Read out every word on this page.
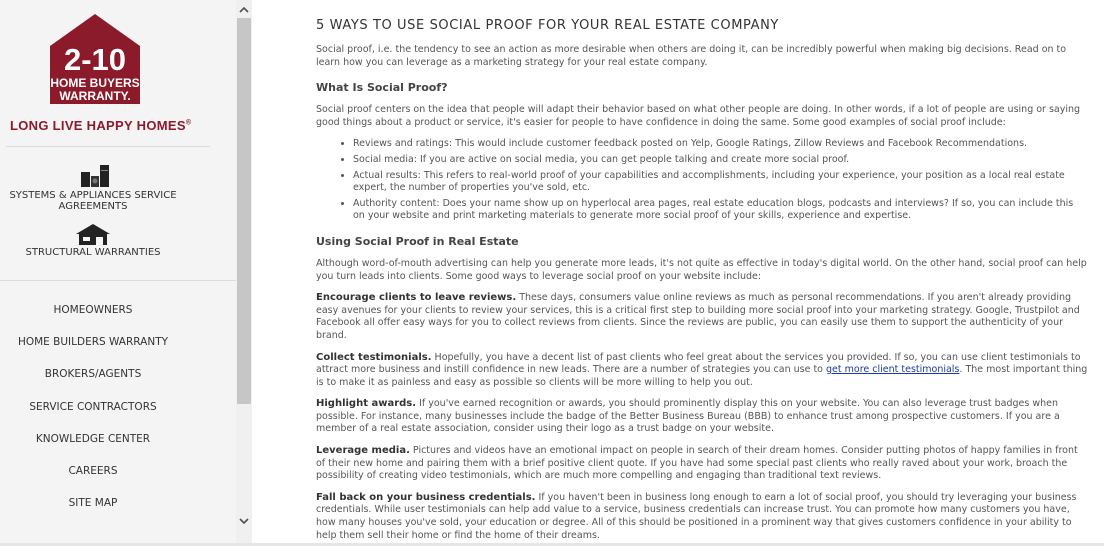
2-10
HOME BUYERS
WARRANTY.
LONG LIVE HAPPY HOMES®
SYSTEMS & APPLIANCES SERVICE AGREEMENTS
STRUCTURAL WARRANTIES
HOMEOWNERS
HOME BUILDERS WARRANTY
BROKERS/AGENTS
SERVICE CONTRACTORS
KNOWLEDGE CENTER
CAREERS
SITE MAP
5 WAYS TO USE SOCIAL PROOF FOR YOUR REAL ESTATE COMPANY

Social proof, i.e. the tendency to see an action as more desirable when others are doing it, can be incredibly powerful when making big decisions. Read on to learn how you can leverage as a marketing strategy for your real estate company.

What Is Social Proof?

Social proof centers on the idea that people will adapt their behavior based on what other people are doing. In other words, if a lot of people are using or saying good things about a product or service, it's easier for people to have confidence in doing the same. Some good examples of social proof include:

• Reviews and ratings: This would include customer feedback posted on Yelp, Google Ratings, Zillow Reviews and Facebook Recommendations.
• Social media: If you are active on social media, you can get people talking and create more social proof.
• Actual results: This refers to real-world proof of your capabilities and accomplishments, including your experience, your position as a local real estate expert, the number of properties you've sold, etc.
• Authority content: Does your name show up on hyperlocal area pages, real estate education blogs, podcasts and interviews? If so, you can include this on your website and print marketing materials to generate more social proof of your skills, experience and expertise.
Using Social Proof in Real Estate

Although word-of-mouth advertising can help you generate more leads, it's not quite as effective in today's digital world. On the other hand, social proof can help you turn leads into clients. Some good ways to leverage social proof on your website include:

Encourage clients to leave reviews. These days, consumers value online reviews as much as personal recommendations. If you aren't already providing easy avenues for your clients to review your services, this is a critical first step to building more social proof into your marketing strategy. Google, Trustpilot and Facebook all offer easy ways for you to collect reviews from clients. Since the reviews are public, you can easily use them to support the authenticity of your brand.

Collect testimonials. Hopefully, you have a decent list of past clients who feel great about the services you provided. If so, you can use client testimonials to attract more business and instill confidence in new leads. There are a number of strategies you can use to get more client testimonials. The most important thing is to make it as painless and easy as possible so clients will be more willing to help you out.

Highlight awards. If you've earned recognition or awards, you should prominently display this on your website. You can also leverage trust badges when possible. For instance, many businesses include the badge of the Better Business Bureau (BBB) to enhance trust among prospective customers. If you are a member of a real estate association, consider using their logo as a trust badge on your website.

Leverage media. Pictures and videos have an emotional impact on people in search of their dream homes. Consider putting photos of happy families in front of their new home and pairing them with a brief positive client quote. If you have had some special past clients who really raved about your work, broach the possibility of creating video testimonials, which are much more compelling and engaging than traditional text reviews.

Fall back on your business credentials. If you haven't been in business long enough to earn a lot of social proof, you should try leveraging your business credentials. While user testimonials can help add value to a service, business credentials can increase trust. You can promote how many customers you have, how many houses you've sold, your education or degree. All of this should be positioned in a prominent way that gives customers confidence in your ability to help them sell their home or find the home of their dreams.
